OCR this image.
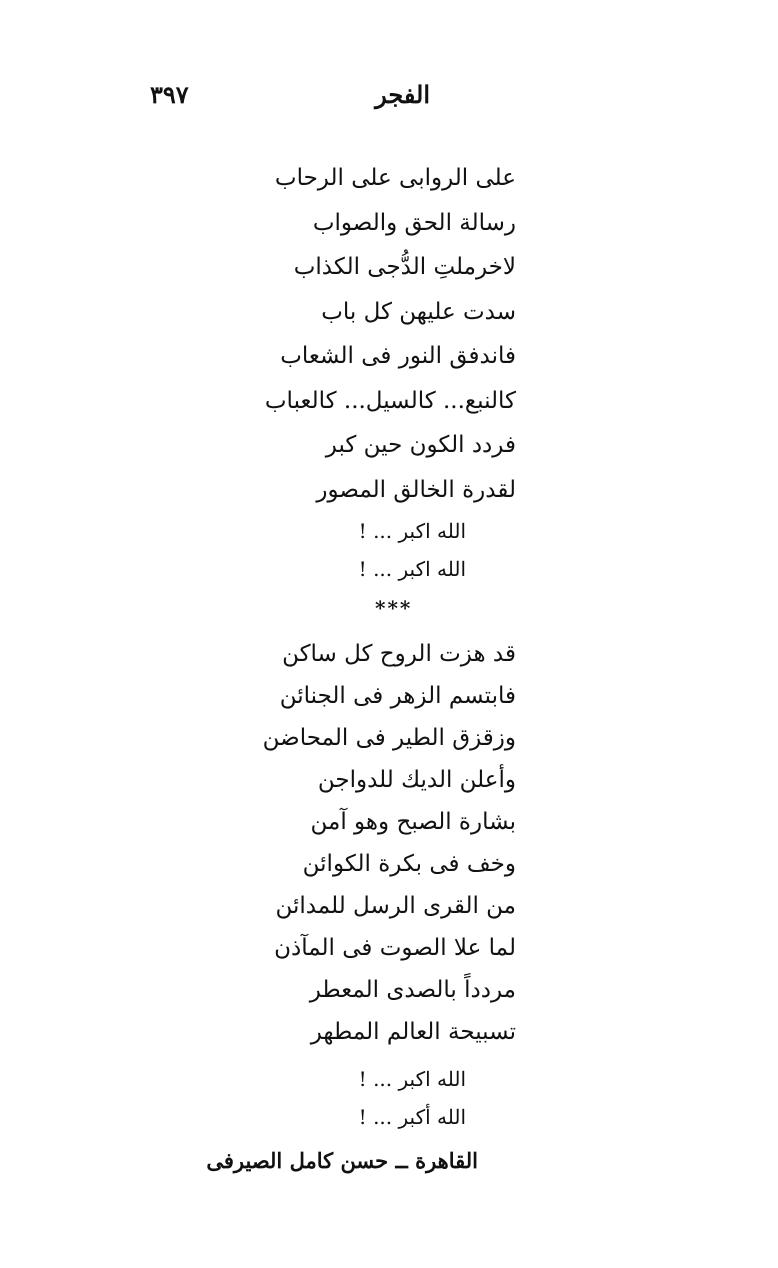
٣٩٧	الفجر
على الروابى على الرحاب
رسالة الحق والصواب
لاخرملتِ الدُّجى الكذاب
سدت عليهن كل باب
فاندفق النور فى الشعاب
كالنبع... كالسيل... كالعباب
فردد الكون حين كبر
لقدرة الخالق المصور
الله اكبر ... !
الله اكبر ... !
***
قد هزت الروح كل ساكن
فابتسم الزهر فى الجنائن
وزقزق الطير فى المحاضن
وأعلن الديك للدواجن
بشارة الصبح وهو آمن
وخف فى بكرة الكوائن
من القرى الرسل للمدائن
لما علا الصوت فى المآذن
مردداً بالصدى المعطر
تسبيحة العالم المطهر
الله اكبر ... !
الله أكبر ... !
القاهرة ــ حسن كامل الصيرفى
